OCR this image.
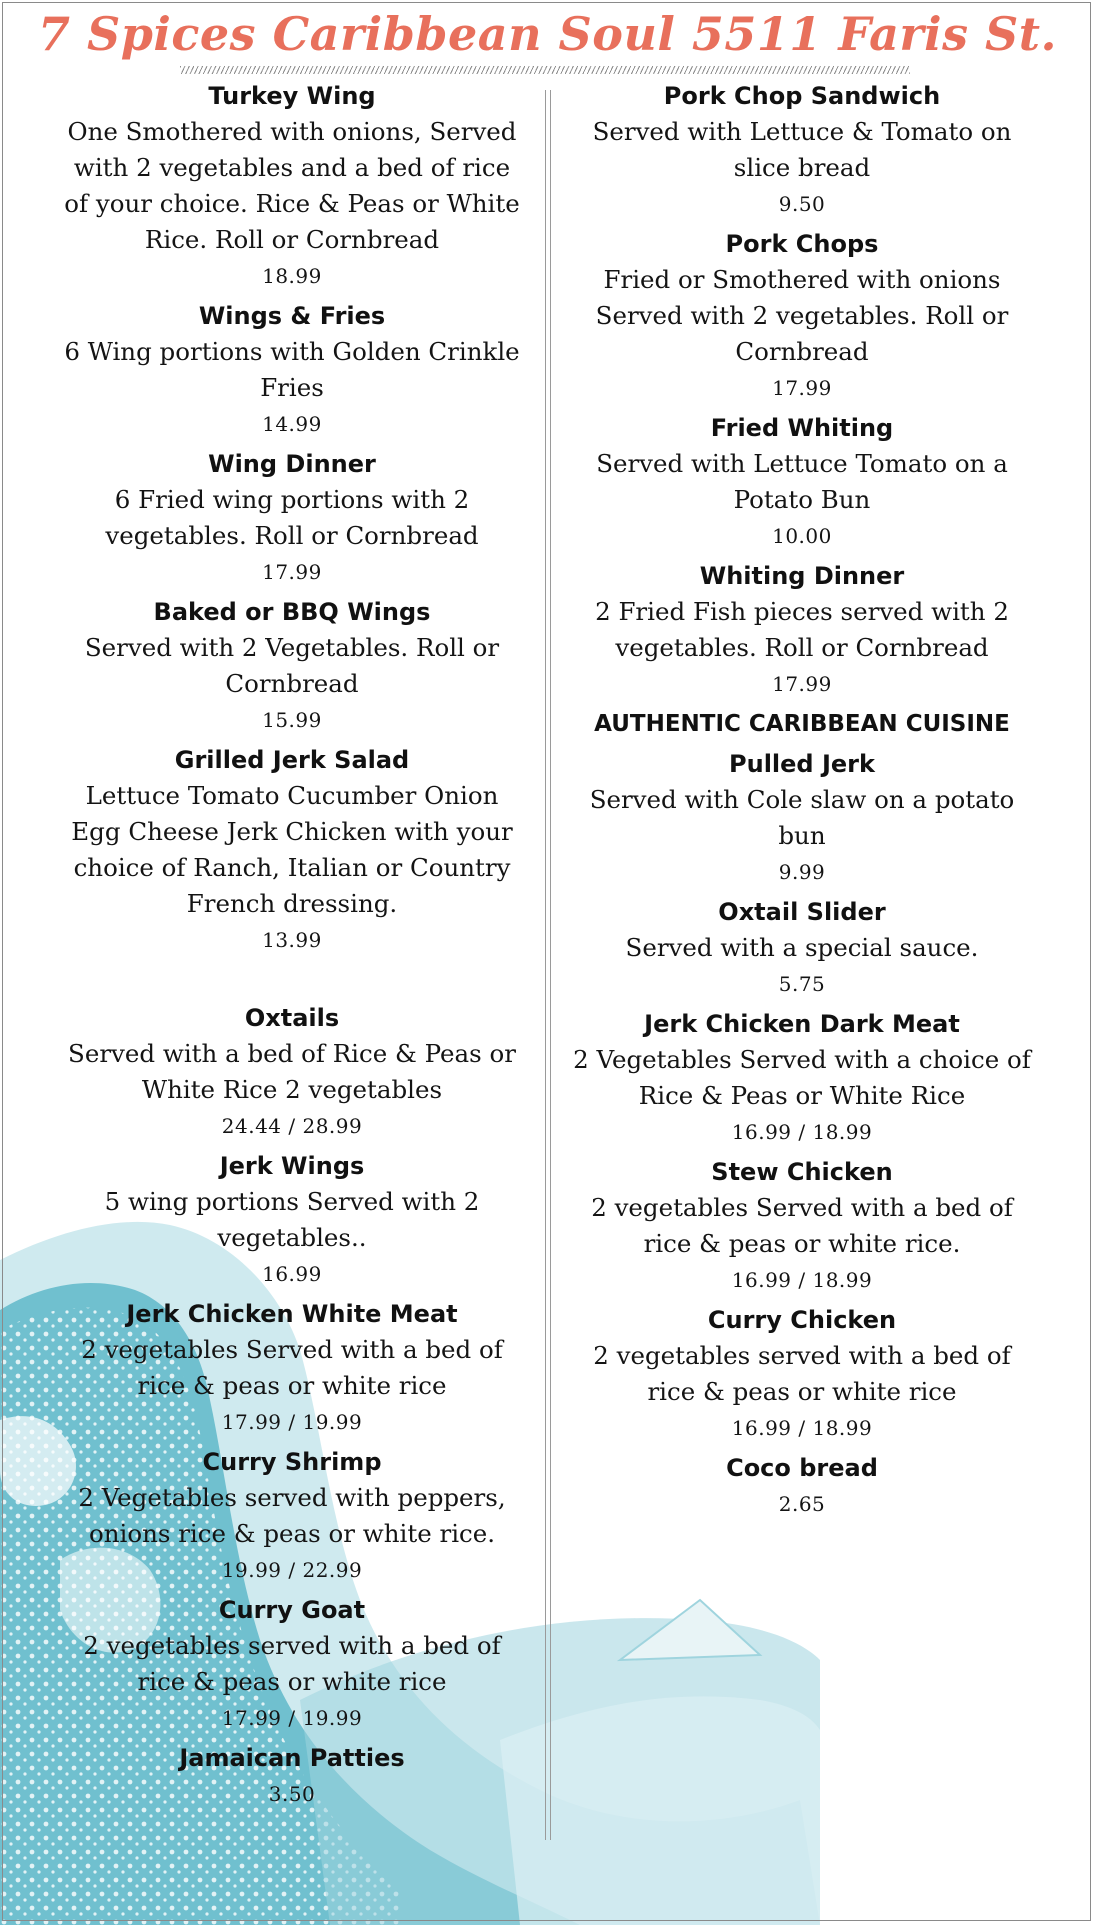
7 Spices Caribbean Soul 5511 Faris St.
Turkey Wing
One Smothered with onions, Served with 2 vegetables and a bed of rice of your choice. Rice & Peas or White Rice. Roll or Cornbread
18.99
Wings & Fries
6 Wing portions with Golden Crinkle Fries
14.99
Wing Dinner
6 Fried wing portions with 2 vegetables. Roll or Cornbread
17.99
Baked or BBQ Wings
Served with 2 Vegetables. Roll or Cornbread
15.99
Grilled Jerk Salad
Lettuce Tomato Cucumber Onion Egg Cheese Jerk Chicken with your choice of Ranch, Italian or Country French dressing.
13.99
Oxtails
Served with a bed of Rice & Peas or White Rice 2 vegetables
24.44 / 28.99
Jerk Wings
5 wing portions Served with 2 vegetables..
16.99
Jerk Chicken White Meat
2 vegetables Served with a bed of rice & peas or white rice
17.99 / 19.99
Curry Shrimp
2 Vegetables served with peppers, onions rice & peas or white rice.
19.99 / 22.99
Curry Goat
2 vegetables served with a bed of rice & peas or white rice
17.99 / 19.99
Jamaican Patties
3.50
Pork Chop Sandwich
Served with Lettuce & Tomato on slice bread
9.50
Pork Chops
Fried or Smothered with onions Served with 2 vegetables. Roll or Cornbread
17.99
Fried Whiting
Served with Lettuce Tomato on a Potato Bun
10.00
Whiting Dinner
2 Fried Fish pieces served with 2 vegetables. Roll or Cornbread
17.99
AUTHENTIC CARIBBEAN CUISINE
Pulled Jerk
Served with Cole slaw on a potato bun
9.99
Oxtail Slider
Served with a special sauce.
5.75
Jerk Chicken Dark Meat
2 Vegetables Served with a choice of Rice & Peas or White Rice
16.99 / 18.99
Stew Chicken
2 vegetables Served with a bed of rice & peas or white rice.
16.99 / 18.99
Curry Chicken
2 vegetables served with a bed of rice & peas or white rice
16.99 / 18.99
Coco bread
2.65
